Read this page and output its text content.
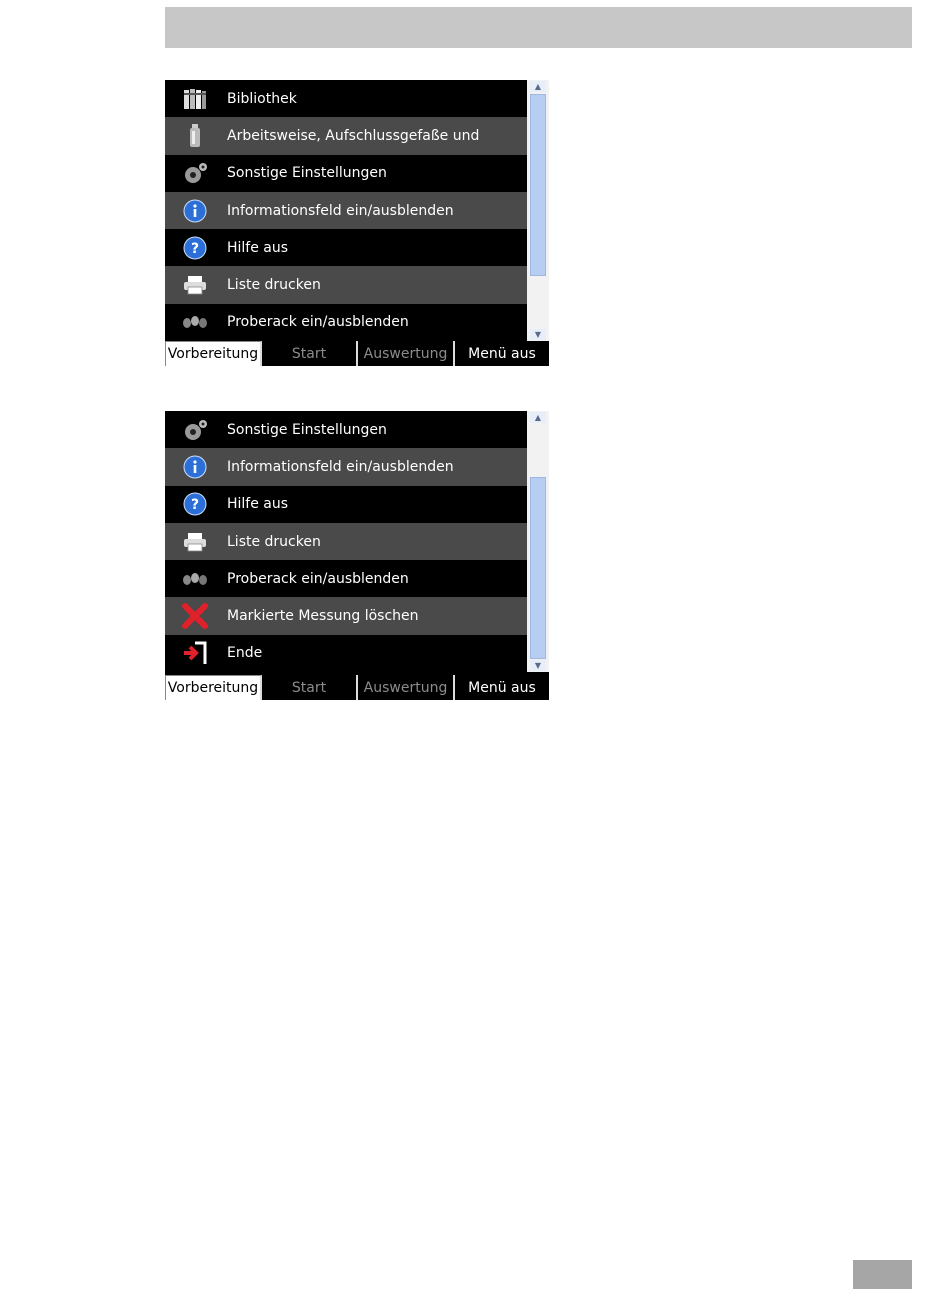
Bibliothek
Arbeitsweise, Aufschlussgefaße und
Sonstige Einstellungen
Informationsfeld ein/ausblenden
? Hilfe aus
Liste drucken
Proberack ein/ausblenden
▲
▼
Vorbereitung	Start	Auswertung	Menü aus
Sonstige Einstellungen
Informationsfeld ein/ausblenden
? Hilfe aus
Liste drucken
Proberack ein/ausblenden
Markierte Messung löschen
Ende
▲
▼
Vorbereitung	Start	Auswertung	Menü aus
